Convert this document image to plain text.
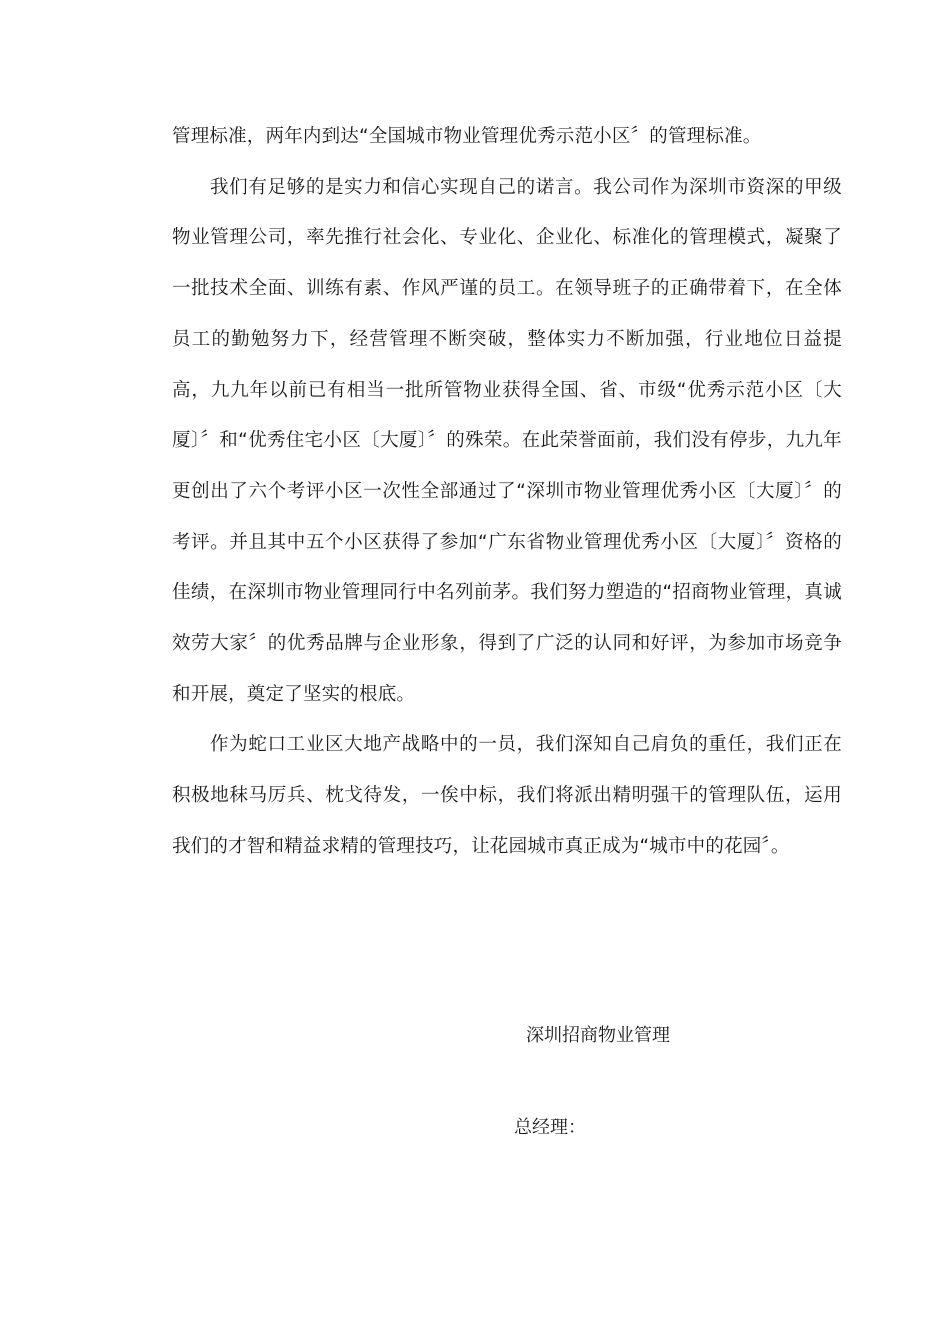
管理标准，两年内到达“全国城市物业管理优秀示范小区〞的管理标准。

我们有足够的是实力和信心实现自己的诺言。我公司作为深圳市资深的甲级物业管理公司，率先推行社会化、专业化、企业化、标准化的管理模式，凝聚了一批技术全面、训练有素、作风严谨的员工。在领导班子的正确带着下，在全体员工的勤勉努力下，经营管理不断突破，整体实力不断加强，行业地位日益提高，九九年以前已有相当一批所管物业获得全国、省、市级“优秀示范小区〔大厦〕〞和“优秀住宅小区〔大厦〕〞的殊荣。在此荣誉面前，我们没有停步，九九年更创出了六个考评小区一次性全部通过了“深圳市物业管理优秀小区〔大厦〕〞的考评。并且其中五个小区获得了参加“广东省物业管理优秀小区〔大厦〕〞资格的佳绩，在深圳市物业管理同行中名列前茅。我们努力塑造的“招商物业管理，真诚效劳大家〞的优秀品牌与企业形象，得到了广泛的认同和好评，为参加市场竞争和开展，奠定了坚实的根底。

作为蛇口工业区大地产战略中的一员，我们深知自己肩负的重任，我们正在积极地秣马厉兵、枕戈待发，一俟中标，我们将派出精明强干的管理队伍，运用我们的才智和精益求精的管理技巧，让花园城市真正成为“城市中的花园〞。

深圳招商物业管理
总经理：
